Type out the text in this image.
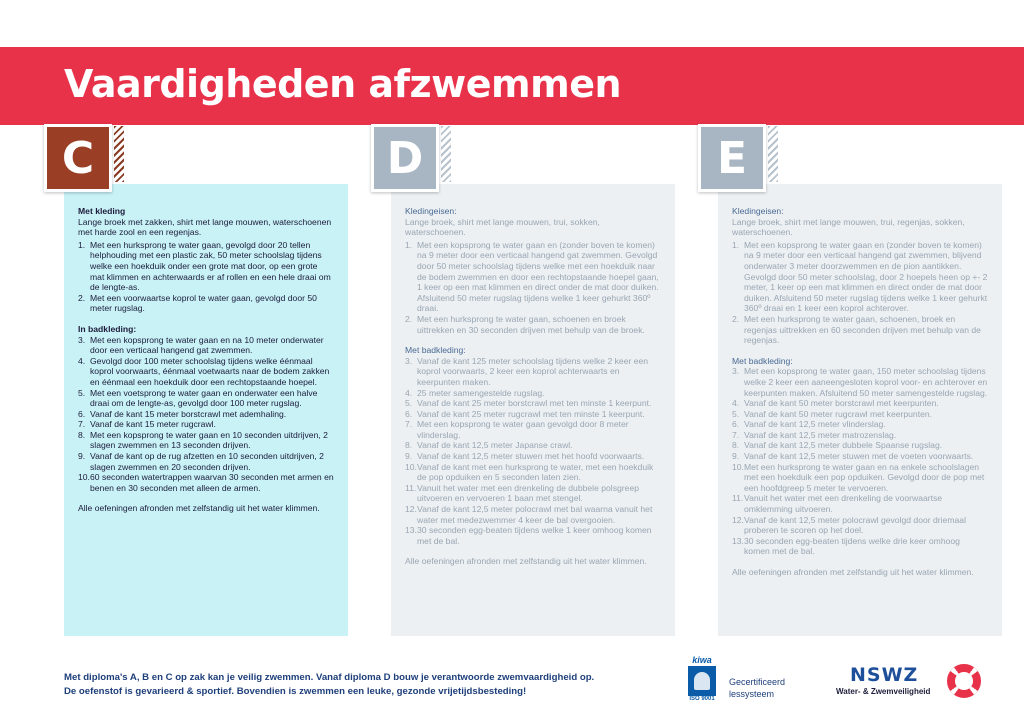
Vaardigheden afzwemmen
Met kleding
Lange broek met zakken, shirt met lange mouwen, waterschoenen met harde zool en een regenjas.
1. Met een hurksprong te water gaan, gevolgd door 20 tellen helphouding met een plastic zak, 50 meter schoolslag tijdens welke een hoekduik onder een grote mat door, op een grote mat klimmen en achterwaards er af rollen en een hele draai om de lengte-as.
2. Met een voorwaartse koprol te water gaan, gevolgd door 50 meter rugslag.
In badkleding:
3. Met een kopsprong te water gaan en na 10 meter onderwater door een verticaal hangend gat zwemmen.
4. Gevolgd door 100 meter schoolslag tijdens welke éénmaal koprol voorwaarts, éénmaal voetwaarts naar de bodem zakken en éénmaal een hoekduik door een rechtopstaande hoepel.
5. Met een voetsprong te water gaan en onderwater een halve draai om de lengte-as, gevolgd door 100 meter rugslag.
6. Vanaf de kant 15 meter borstcrawl met ademhaling.
7. Vanaf de kant 15 meter rugcrawl.
8. Met een kopsprong te water gaan en 10 seconden uitdrijven, 2 slagen zwemmen en 13 seconden drijven.
9. Vanaf de kant op de rug afzetten en 10 seconden uitdrijven, 2 slagen zwemmen en 20 seconden drijven.
10. 60 seconden watertrappen waarvan 30 seconden met armen en benen en 30 seconden met alleen de armen.
Alle oefeningen afronden met zelfstandig uit het water klimmen.
Kledingeisen:
Lange broek, shirt met lange mouwen, trui, sokken, waterschoenen.
1. Met een kopsprong te water gaan en (zonder boven te komen) na 9 meter door een verticaal hangend gat zwemmen. Gevolgd door 50 meter schoolslag tijdens welke met een hoekduik naar de bodem zwemmen en door een rechtopstaande hoepel gaan, 1 keer op een mat klimmen en direct onder de mat door duiken. Afsluitend 50 meter rugslag tijdens welke 1 keer gehurkt 360º draai.
2. Met een hurksprong te water gaan, schoenen en broek uittrekken en 30 seconden drijven met behulp van de broek.
Met badkleding:
3. Vanaf de kant 125 meter schoolslag tijdens welke 2 keer een koprol voorwaarts, 2 keer een koprol achterwaarts en keerpunten maken.
4. 25 meter samengestelde rugslag.
5. Vanaf de kant 25 meter borstcrawl met ten minste 1 keerpunt.
6. Vanaf de kant 25 meter rugcrawl met ten minste 1 keerpunt.
7. Met een kopsprong te water gaan gevolgd door 8 meter vlinderslag.
8. Vanaf de kant 12,5 meter Japanse crawl.
9. Vanaf de kant 12,5 meter stuwen met het hoofd voorwaarts.
10. Vanaf de kant met een hurksprong te water, met een hoekduik de pop opduiken en 5 seconden laten zien.
11. Vanuit het water met een drenkeling de dubbele polsgreep uitvoeren en vervoeren 1 baan met stengel.
12. Vanaf de kant 12,5 meter polocrawl met bal waarna vanuit het water met medezwemmer 4 keer de bal overgooien.
13. 30 seconden egg-beaten tijdens welke 1 keer omhoog komen met de bal.
Alle oefeningen afronden met zelfstandig uit het water klimmen.
Kledingeisen:
Lange broek, shirt met lange mouwen, trui, regenjas, sokken, waterschoenen.
1. Met een kopsprong te water gaan en (zonder boven te komen) na 9 meter door een verticaal hangend gat zwemmen, blijvend onderwater 3 meter doorzwemmen en de pion aantikken. Gevolgd door 50 meter schoolslag, door 2 hoepels heen op +- 2 meter, 1 keer op een mat klimmen en direct onder de mat door duiken. Afsluitend 50 meter rugslag tijdens welke 1 keer gehurkt 360º draai en 1 keer een koprol achterover.
2. Met een hurksprong te water gaan, schoenen, broek en regenjas uittrekken en 60 seconden drijven met behulp van de regenjas.
Met badkleding:
3. Met een kopsprong te water gaan, 150 meter schoolslag tijdens welke 2 keer een aaneengesloten koprol voor- en achterover en keerpunten maken. Afsluitend 50 meter samengestelde rugslag.
4. Vanaf de kant 50 meter borstcrawl met keerpunten.
5. Vanaf de kant 50 meter rugcrawl met keerpunten.
6. Vanaf de kant 12,5 meter vlinderslag.
7. Vanaf de kant 12,5 meter matrozenslag.
8. Vanaf de kant 12,5 meter dubbele Spaanse rugslag.
9. Vanaf de kant 12,5 meter stuwen met de voeten voorwaarts.
10. Met een hurksprong te water gaan en na enkele schoolslagen met een hoekduik een pop opduiken. Gevolgd door de pop met een hoofdgreep 5 meter te vervoeren.
11. Vanuit het water met een drenkeling de voorwaartse omklemming uitvoeren.
12. Vanaf de kant 12,5 meter polocrawl gevolgd door driemaal proberen te scoren op het doel.
13. 30 seconden egg-beaten tijdens welke drie keer omhoog komen met de bal.
Alle oefeningen afronden met zelfstandig uit het water klimmen.
C	D	E
Met diploma's A, B en C op zak kan je veilig zwemmen. Vanaf diploma D bouw je verantwoorde zwemvaardigheid op.
De oefenstof is gevarieerd & sportief. Bovendien is zwemmen een leuke, gezonde vrijetijdsbesteding!
kiwa
ISO 9001
Gecertificeerd
lessysteem
NSWZ
Water- & Zwemveiligheid
